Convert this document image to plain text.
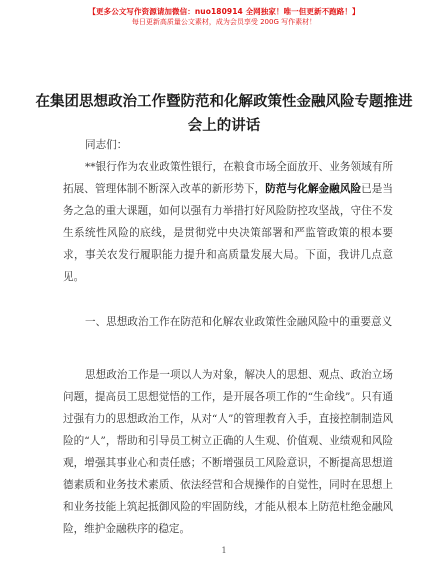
【更多公文写作资源请加微信：nuo180914 全网独家！唯一但更新不跑路！】
每日更新高质量公文素材，成为会员享受 200G 写作素材！
在集团思想政治工作暨防范和化解政策性金融风险专题推进会上的讲话
同志们：
**银行作为农业政策性银行，在粮食市场全面放开、业务领域有所拓展、管理体制不断深入改革的新形势下，防范与化解金融风险已是当务之急的重大课题，如何以强有力举措打好风险防控攻坚战，守住不发生系统性风险的底线，是贯彻党中央决策部署和严监管政策的根本要求，事关农发行履职能力提升和高质量发展大局。下面，我讲几点意见。
一、思想政治工作在防范和化解农业政策性金融风险中的重要意义
思想政治工作是一项以人为对象，解决人的思想、观点、政治立场问题，提高员工思想觉悟的工作，是开展各项工作的“生命线”。只有通过强有力的思想政治工作，从对“人”的管理教育入手，直接控制制造风险的“人”，帮助和引导员工树立正确的人生观、价值观、业绩观和风险观，增强其事业心和责任感；不断增强员工风险意识，不断提高思想道德素质和业务技术素质、依法经营和合规操作的自觉性，同时在思想上和业务技能上筑起抵御风险的牢固防线，才能从根本上防范杜绝金融风险，维护金融秩序的稳定。
1
